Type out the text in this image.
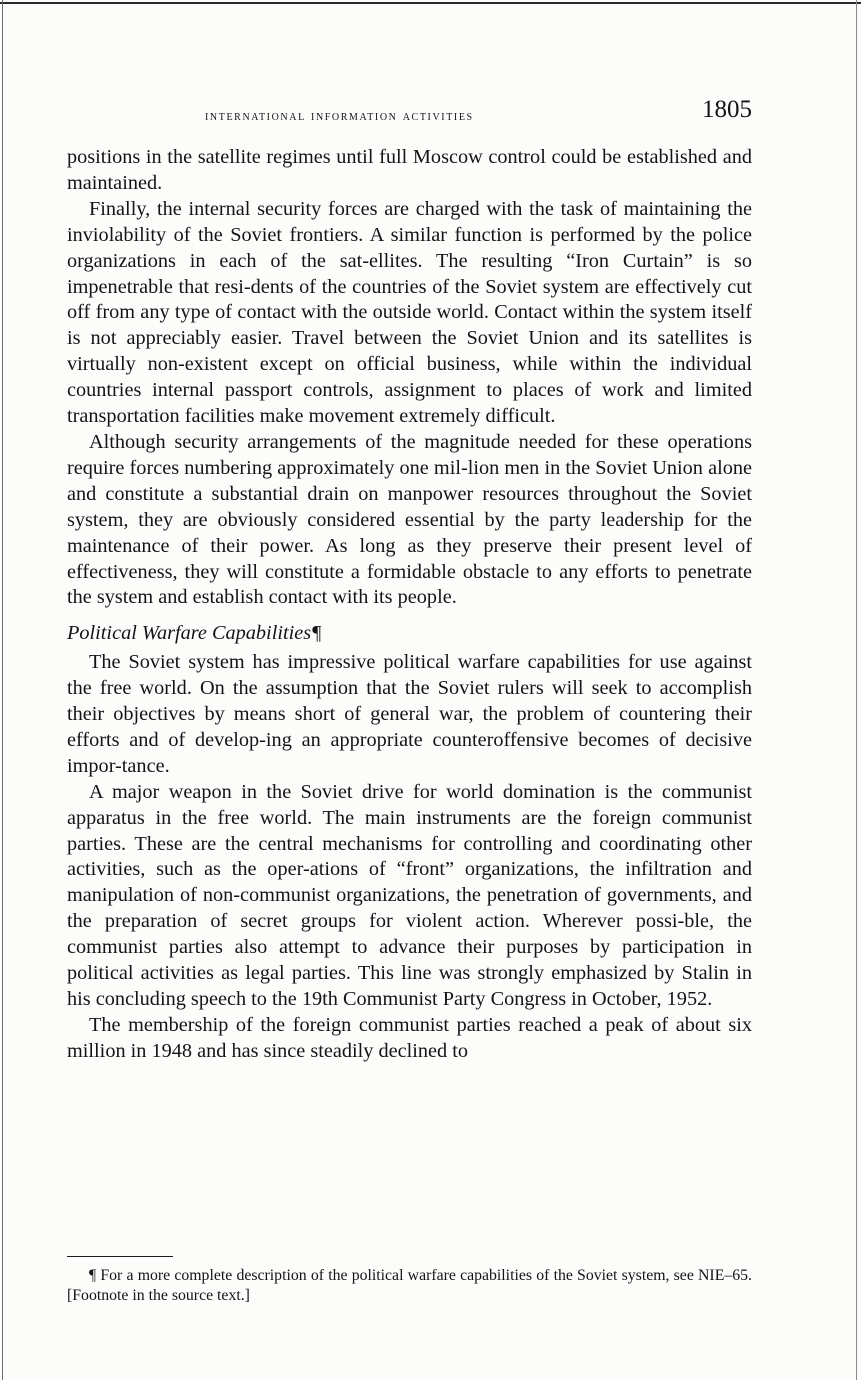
international information activities	1805

positions in the satellite regimes until full Moscow control could be established and maintained.

Finally, the internal security forces are charged with the task of maintaining the inviolability of the Soviet frontiers. A similar function is performed by the police organizations in each of the sat-ellites. The resulting “Iron Curtain” is so impenetrable that resi-dents of the countries of the Soviet system are effectively cut off from any type of contact with the outside world. Contact within the system itself is not appreciably easier. Travel between the Soviet Union and its satellites is virtually non-existent except on official business, while within the individual countries internal passport controls, assignment to places of work and limited transportation facilities make movement extremely difficult.

Although security arrangements of the magnitude needed for these operations require forces numbering approximately one mil-lion men in the Soviet Union alone and constitute a substantial drain on manpower resources throughout the Soviet system, they are obviously considered essential by the party leadership for the maintenance of their power. As long as they preserve their present level of effectiveness, they will constitute a formidable obstacle to any efforts to penetrate the system and establish contact with its people.

Political Warfare Capabilities¶

The Soviet system has impressive political warfare capabilities for use against the free world. On the assumption that the Soviet rulers will seek to accomplish their objectives by means short of general war, the problem of countering their efforts and of develop-ing an appropriate counteroffensive becomes of decisive impor-tance.

A major weapon in the Soviet drive for world domination is the communist apparatus in the free world. The main instruments are the foreign communist parties. These are the central mechanisms for controlling and coordinating other activities, such as the oper-ations of “front” organizations, the infiltration and manipulation of non-communist organizations, the penetration of governments, and the preparation of secret groups for violent action. Wherever possi-ble, the communist parties also attempt to advance their purposes by participation in political activities as legal parties. This line was strongly emphasized by Stalin in his concluding speech to the 19th Communist Party Congress in October, 1952.

The membership of the foreign communist parties reached a peak of about six million in 1948 and has since steadily declined to

¶ For a more complete description of the political warfare capabilities of the Soviet system, see NIE–65. [Footnote in the source text.]
